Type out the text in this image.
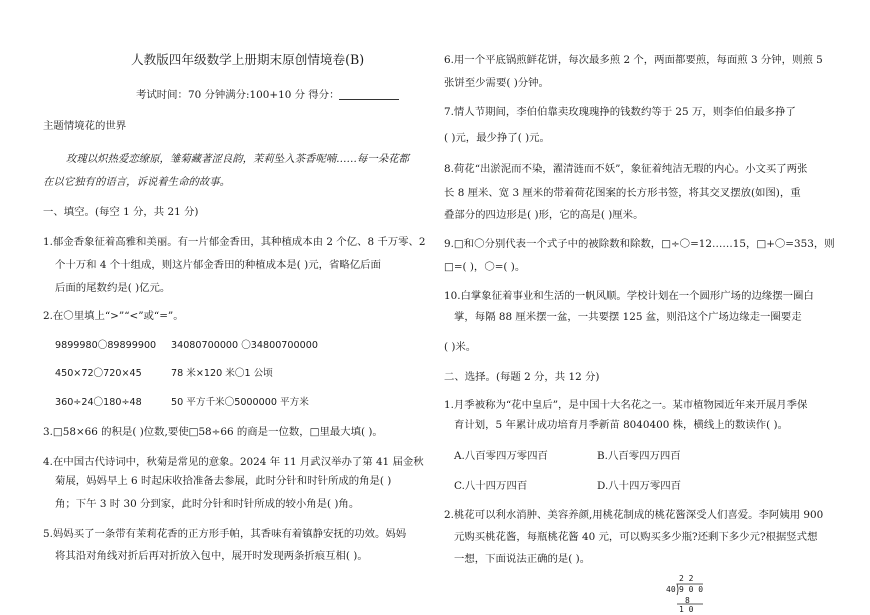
人教版四年级数学上册期末原创情境卷(B)
考试时间：70 分钟满分:100+10 分 得分：
主题情境花的世界
玫瑰以炽热爱恋缭原，雏菊藏著涩良韵，茉莉坠入茶香呢喃……每一朵花都
在以它独有的语言，诉说着生命的故事。
一、填空。(每空 1 分，共 21 分)
1.郁金香象征着高雅和美丽。有一片郁金香田，其种植成本由 2 个亿、8 千万零、2
个十万和 4 个十组成，则这片郁金香田的种植成本是( )元，省略亿后面
后面的尾数约是( )亿元。
2.在〇里填上“>”“<”或“=”。
9899980〇89899900 34080700000 〇34800700000
450×72〇720×45	78 米×120 米〇1 公顷
360÷24〇180÷48	50 平方千米〇5000000 平方米
3.□58×66 的积是( )位数,要使□58÷66 的商是一位数，□里最大填( )。
4.在中国古代诗词中，秋菊是常见的意象。2024 年 11 月武汉举办了第 41 届金秋
菊展，妈妈早上 6 时起床收拾准备去参展，此时分针和时针所成的角是( )
角；下午 3 时 30 分到家，此时分针和时针所成的较小角是( )角。
5.妈妈买了一条带有茉莉花香的正方形手帕，其香味有着镇静安抚的功效。妈妈
将其沿对角线对折后再对折放入包中，展开时发现两条折痕互相( )。
6.用一个平底锅煎鲜花饼，每次最多煎 2 个，两面都要煎，每面煎 3 分钟，则煎 5
张饼至少需要( )分钟。
7.情人节期间，李伯伯靠卖玫瑰瑰挣的钱数约等于 25 万，则李伯伯最多挣了
( )元，最少挣了( )元。
8.荷花“出淤泥而不染，濯清涟而不妖”，象征着纯洁无瑕的内心。小文买了两张
长 8 厘米、宽 3 厘米的带着荷花图案的长方形书签，将其交叉摆放(如图)，重
叠部分的四边形是( )形，它的高是( )厘米。
9.□和〇分别代表一个式子中的被除数和除数，□÷〇=12……15，□+〇=353，则
□=( )，〇=( )。
10.白掌象征着事业和生活的一帆风顺。学校计划在一个圆形广场的边缘摆一圈白
掌，每隔 88 厘米摆一盆，一共要摆 125 盆，则沿这个广场边缘走一圈要走
( )米。
二、选择。(每题 2 分，共 12 分)
1.月季被称为“花中皇后”，是中国十大名花之一。某市植物园近年来开展月季保
育计划，5 年累计成功培育月季新苗 8040400 株，横线上的数读作( )。
A.八百零四万零四百	B.八百零四万四百
C.八十四万四百	D.八十四万零四百
2.桃花可以利水消肿、美容养颜,用桃花制成的桃花酱深受人们喜爱。李阿姨用 900
元购买桃花酱，每瓶桃花酱 40 元，可以购买多少瓶?还剩下多少元?根据竖式想
一想，下面说法正确的是( )。
2 2
40 9 0 0
8
1 0
